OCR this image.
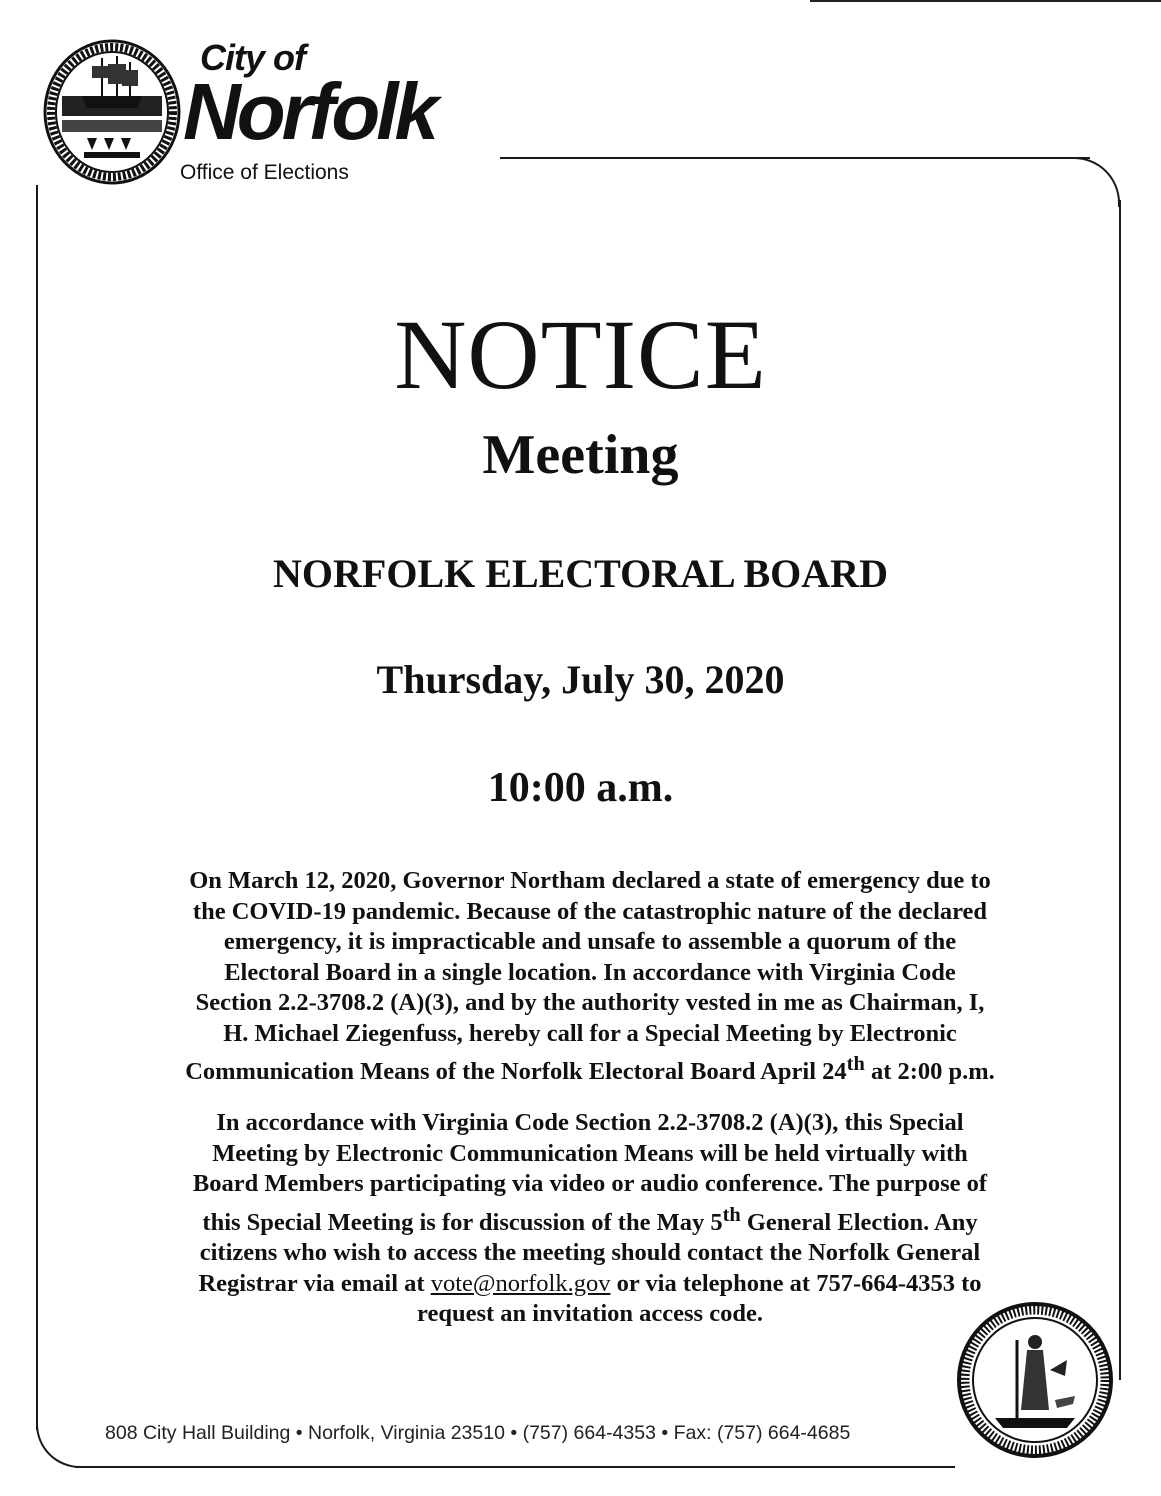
City of
Norfolk
Office of Elections
NOTICE
Meeting
NORFOLK ELECTORAL BOARD
Thursday, July 30, 2020
10:00 a.m.
On March 12, 2020, Governor Northam declared a state of emergency due to
the COVID-19 pandemic. Because of the catastrophic nature of the declared
emergency, it is impracticable and unsafe to assemble a quorum of the
Electoral Board in a single location. In accordance with Virginia Code
Section 2.2-3708.2 (A)(3), and by the authority vested in me as Chairman, I,
H. Michael Ziegenfuss, hereby call for a Special Meeting by Electronic
Communication Means of the Norfolk Electoral Board April 24th at 2:00 p.m.
In accordance with Virginia Code Section 2.2-3708.2 (A)(3), this Special
Meeting by Electronic Communication Means will be held virtually with
Board Members participating via video or audio conference. The purpose of
this Special Meeting is for discussion of the May 5th General Election. Any
citizens who wish to access the meeting should contact the Norfolk General
Registrar via email at vote@norfolk.gov or via telephone at 757-664-4353 to
request an invitation access code.
808 City Hall Building • Norfolk, Virginia 23510 • (757) 664-4353 • Fax: (757) 664-4685
